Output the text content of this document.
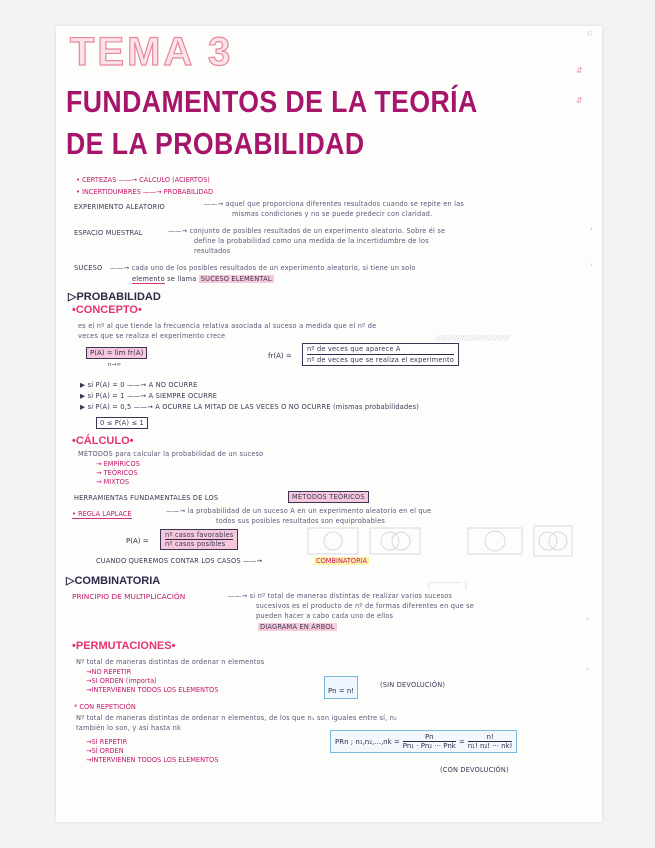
TEMA 3
FUNDAMENTOS DE LA TEORÍA
DE LA PROBABILIDAD
©
⇵
⇵
• CERTEZAS ——→ CÁLCULO (ACIERTOS)
• INCERTIDUMBRES ——→ PROBABILIDAD
EXPERIMENTO ALEATORIO	——→ aquel que proporciona diferentes resultados cuando se repite en las
mismas condiciones y no se puede predecir con claridad.
ESPACIO MUESTRAL	——→ conjunto de posibles resultados de un experimento aleatorio. Sobre él se
define la probabilidad como una medida de la incertidumbre de los
resultados
SUCESO ——→ cada uno de los posibles resultados de un experimento aleatorio, si tiene un solo
elemento se llama SUCESO ELEMENTAL
▷PROBABILIDAD
•CONCEPTO•
es el nº al que tiende la frecuencia relativa asociada al suceso a medida que el nº de
veces que se realiza el experimento crece
P(A) = lim fr(A)
n→∞
fr(A) =
nº de veces que aparece A
nº de veces que se realiza el experimento
///////////////////////////////
▶ si P(A) = 0 ——→ A NO OCURRE
▶ si P(A) = 1 ——→ A SIEMPRE OCURRE
▶ si P(A) = 0,5 ——→ A OCURRE LA MITAD DE LAS VECES O NO OCURRE (mismas probabilidades)
0 ≤ P(A) ≤ 1
•CÁLCULO•
MÉTODOS para calcular la probabilidad de un suceso
→ EMPÍRICOS
→ TEÓRICOS
→ MIXTOS
HERRAMIENTAS FUNDAMENTALES DE LOS	MÉTODOS TEÓRICOS
• REGLA LAPLACE	——→ la probabilidad de un suceso A en un experimento aleatorio en el que
todos sus posibles resultados son equiprobables
P(A) =
nº casos favorables
nº casos posibles
CUANDO QUEREMOS CONTAR LOS CASOS ——→	COMBINATORIA
▷COMBINATORIA
PRINCIPIO DE MULTIPLICACIÓN	——→ si nº total de maneras distintas de realizar varios sucesos
sucesivos es el producto de nº de formas diferentes en que se
pueden hacer a cabo cada uno de ellos
DIAGRAMA EN ÁRBOL
[ ̅ ̅ ̅ ̅ ̅ ̅ ̅ ̅ ̅ ̅ ̅ ̅ ̅ ̅ ]
•PERMUTACIONES•
Nº total de maneras distintas de ordenar n elementos
→NO REPETIR
→SI ORDEN (importa)
→INTERVIENEN TODOS LOS ELEMENTOS	Pn = n!
(SIN DEVOLUCIÓN)
* CON REPETICIÓN
Nº total de maneras distintas de ordenar n elementos, de los que n₁ son iguales entre sí, n₂
también lo son, y así hasta nk
→SÍ REPETIR
→SÍ ORDEN
→INTERVIENEN TODOS LOS ELEMENTOS
PRn ; n₁,n₂,...,nk =
Pn
Pn₁ · Pn₂ ··· Pnk
=
n!
n₁! n₂! ··· nk!
(CON DEVOLUCIÓN)
ꜜ
ꜜ
ꜜ
ꜜ
